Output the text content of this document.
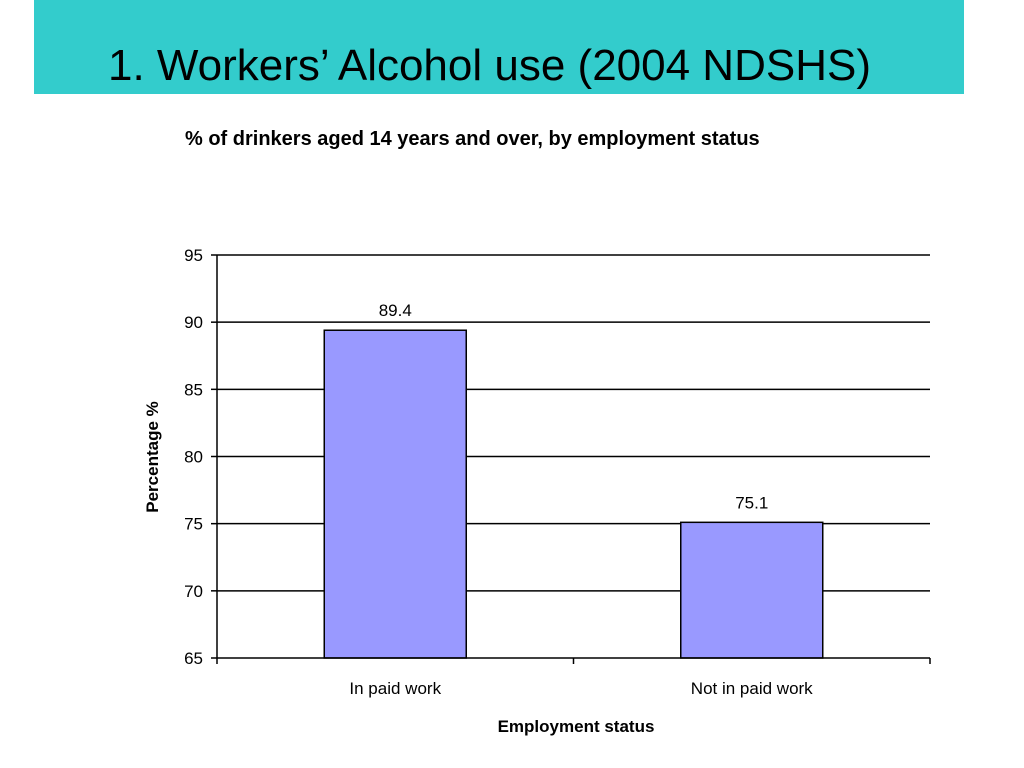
1. Workers’ Alcohol use (2004 NDSHS)
% of drinkers aged 14 years and over, by employment status
65
70
75
80
85
90
95
89.4
In paid work
75.1
Not in paid work
Employment status
Percentage %
